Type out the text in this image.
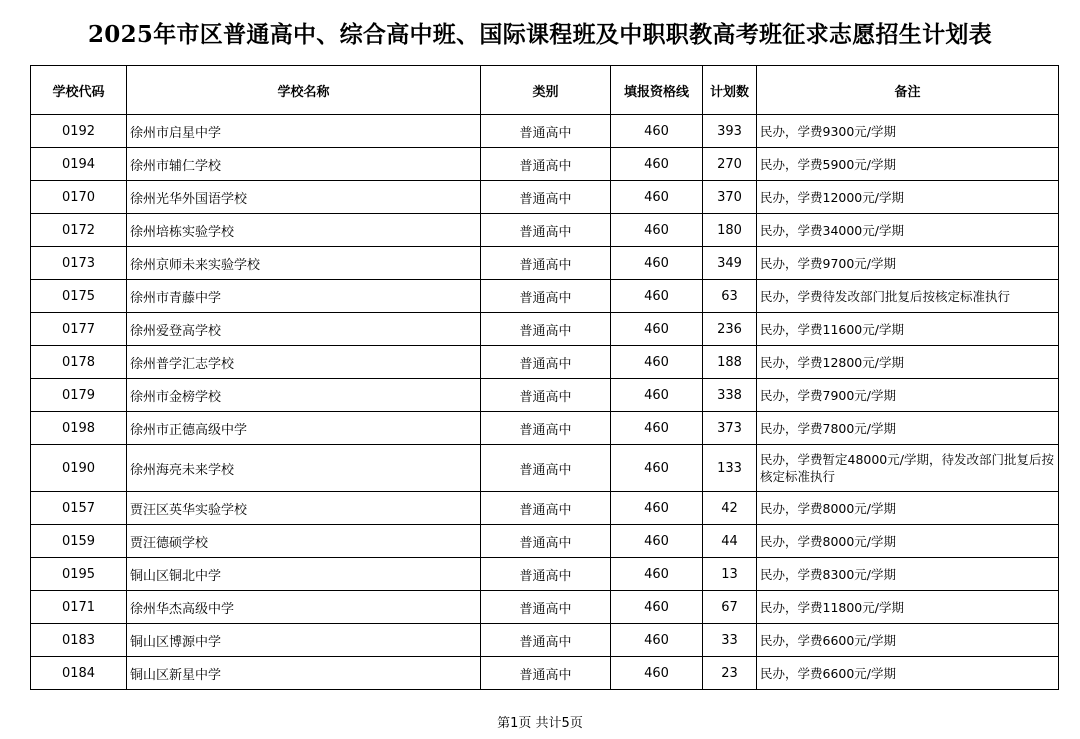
2025年市区普通高中、综合高中班、国际课程班及中职职教高考班征求志愿招生计划表
学校代码	学校名称	类别	填报资格线	计划数	备注
0192	徐州市启星中学	普通高中	460	393	民办，学费9300元/学期
0194	徐州市辅仁学校	普通高中	460	270	民办，学费5900元/学期
0170	徐州光华外国语学校	普通高中	460	370	民办，学费12000元/学期
0172	徐州培栋实验学校	普通高中	460	180	民办，学费34000元/学期
0173	徐州京师未来实验学校	普通高中	460	349	民办，学费9700元/学期
0175	徐州市青藤中学	普通高中	460	63	民办，学费待发改部门批复后按核定标准执行
0177	徐州爱登高学校	普通高中	460	236	民办，学费11600元/学期
0178	徐州普学汇志学校	普通高中	460	188	民办，学费12800元/学期
0179	徐州市金榜学校	普通高中	460	338	民办，学费7900元/学期
0198	徐州市正德高级中学	普通高中	460	373	民办，学费7800元/学期
0190	徐州海亮未来学校	普通高中	460	133	民办，学费暂定48000元/学期，待发改部门批复后按核定标准执行
0157	贾汪区英华实验学校	普通高中	460	42	民办，学费8000元/学期
0159	贾汪德硕学校	普通高中	460	44	民办，学费8000元/学期
0195	铜山区铜北中学	普通高中	460	13	民办，学费8300元/学期
0171	徐州华杰高级中学	普通高中	460	67	民办，学费11800元/学期
0183	铜山区博源中学	普通高中	460	33	民办，学费6600元/学期
0184	铜山区新星中学	普通高中	460	23	民办，学费6600元/学期
第1页 共计5页
